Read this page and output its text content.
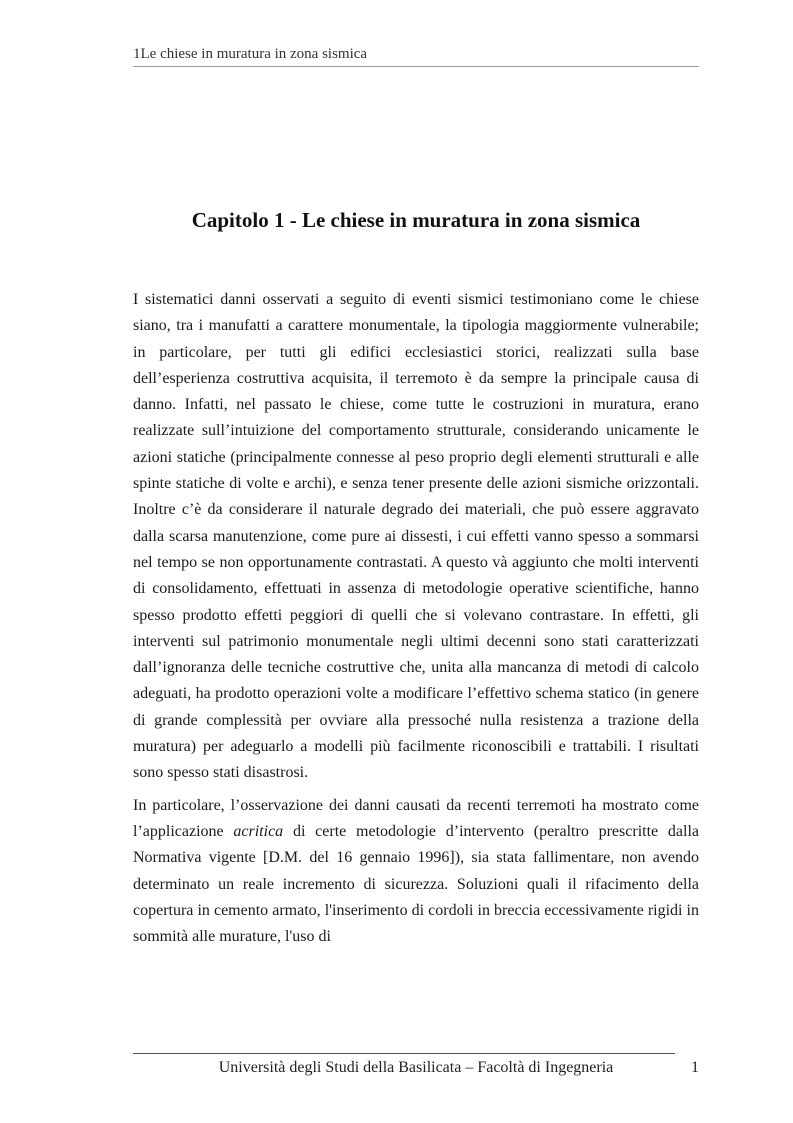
1Le chiese in muratura in zona sismica
Capitolo 1 - Le chiese in muratura in zona sismica

I sistematici danni osservati a seguito di eventi sismici testimoniano come le chiese siano, tra i manufatti a carattere monumentale, la tipologia maggiormente vulnerabile; in particolare, per tutti gli edifici ecclesiastici storici, realizzati sulla base dell’esperienza costruttiva acquisita, il terremoto è da sempre la principale causa di danno. Infatti, nel passato le chiese, come tutte le costruzioni in muratura, erano realizzate sull’intuizione del comportamento strutturale, considerando unicamente le azioni statiche (principalmente connesse al peso proprio degli elementi strutturali e alle spinte statiche di volte e archi), e senza tener presente delle azioni sismiche orizzontali. Inoltre c’è da considerare il naturale degrado dei materiali, che può essere aggravato dalla scarsa manutenzione, come pure ai dissesti, i cui effetti vanno spesso a sommarsi nel tempo se non opportunamente contrastati. A questo và aggiunto che molti interventi di consolidamento, effettuati in assenza di metodologie operative scientifiche, hanno spesso prodotto effetti peggiori di quelli che si volevano contrastare. In effetti, gli interventi sul patrimonio monumentale negli ultimi decenni sono stati caratterizzati dall’ignoranza delle tecniche costruttive che, unita alla mancanza di metodi di calcolo adeguati, ha prodotto operazioni volte a modificare l’effettivo schema statico (in genere di grande complessità per ovviare alla pressoché nulla resistenza a trazione della muratura) per adeguarlo a modelli più facilmente riconoscibili e trattabili. I risultati sono spesso stati disastrosi.

In particolare, l’osservazione dei danni causati da recenti terremoti ha mostrato come l’applicazione acritica di certe metodologie d’intervento (peraltro prescritte dalla Normativa vigente [D.M. del 16 gennaio 1996]), sia stata fallimentare, non avendo determinato un reale incremento di sicurezza. Soluzioni quali il rifacimento della copertura in cemento armato, l'inserimento di cordoli in breccia eccessivamente rigidi in sommità alle murature, l'uso di

Università degli Studi della Basilicata – Facoltà di Ingegneria	1
